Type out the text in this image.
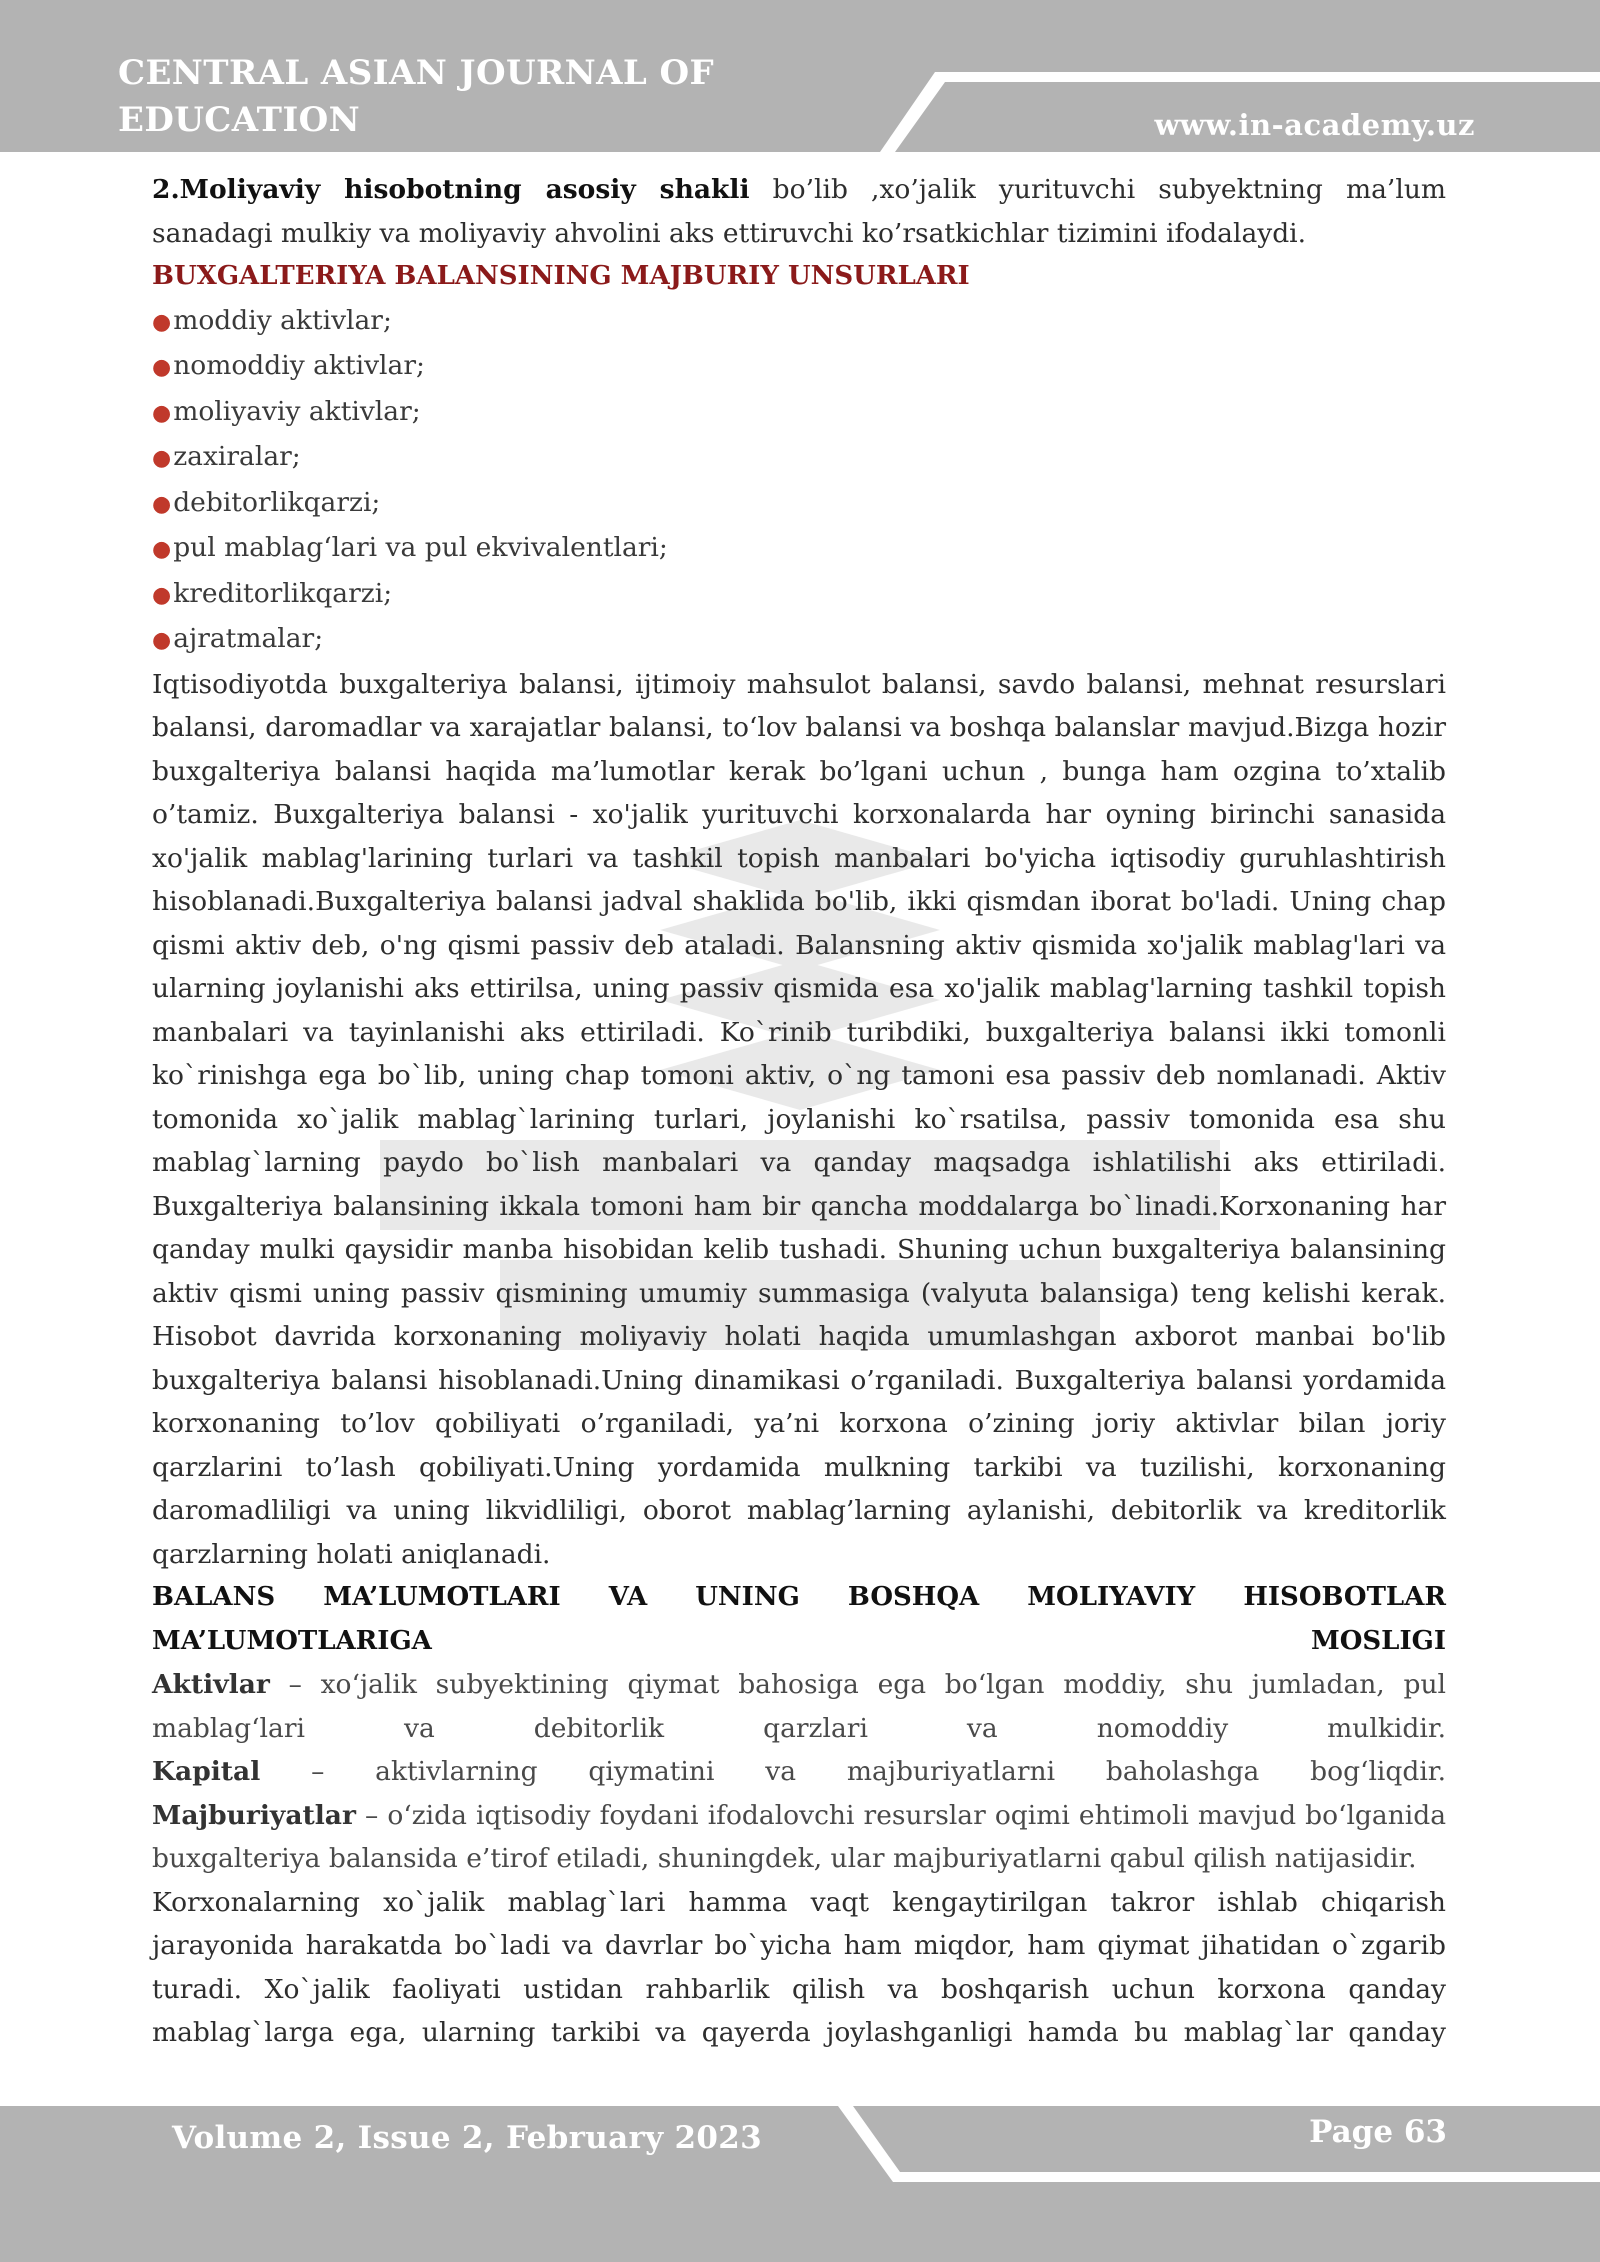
CENTRAL ASIAN JOURNAL OF EDUCATION
AND INNOVATION
www.in-academy.uz

2.Moliyaviy hisobotning asosiy shakli bo’lib ,xo’jalik yurituvchi subyektning ma’lum sanadagi mulkiy va moliyaviy ahvolini aks ettiruvchi ko’rsatkichlar tizimini ifodalaydi.

BUXGALTERIYA BALANSINING MAJBURIY UNSURLARI

●moddiy aktivlar;
●nomoddiy aktivlar;
●moliyaviy aktivlar;
●zaxiralar;
●debitorlikqarzi;
●pul mablag‘lari va pul ekvivalentlari;
●kreditorlikqarzi;
●ajratmalar;

Iqtisodiyotda buxgalteriya balansi, ijtimoiy mahsulot balansi, savdo balansi, mehnat resurslari balansi, daromadlar va xarajatlar balansi, to‘lov balansi va boshqa balanslar mavjud.Bizga hozir buxgalteriya balansi haqida ma’lumotlar kerak bo’lgani uchun , bunga ham ozgina to’xtalib o’tamiz. Buxgalteriya balansi - xo'jalik yurituvchi korxonalarda har oyning birinchi sanasida xo'jalik mablag'larining turlari va tashkil topish manbalari bo'yicha iqtisodiy guruhlashtirish hisoblanadi.Buxgalteriya balansi jadval shaklida bo'lib, ikki qismdan iborat bo'ladi. Uning chap qismi aktiv deb, o'ng qismi passiv deb ataladi. Balansning aktiv qismida xo'jalik mablag'lari va ularning joylanishi aks ettirilsa, uning passiv qismida esa xo'jalik mablag'larning tashkil topish manbalari va tayinlanishi aks ettiriladi. Ko`rinib turibdiki, buxgalteriya balansi ikki tomonli ko`rinishga ega bo`lib, uning chap tomoni aktiv, o`ng tamoni esa passiv deb nomlanadi. Aktiv tomonida xo`jalik mablag`larining turlari, joylanishi ko`rsatilsa, passiv tomonida esa shu mablag`larning paydo bo`lish manbalari va qanday maqsadga ishlatilishi aks ettiriladi. Buxgalteriya balansining ikkala tomoni ham bir qancha moddalarga bo`linadi.Korxonaning har qanday mulki qaysidir manba hisobidan kelib tushadi. Shuning uchun buxgalteriya balansining aktiv qismi uning passiv qismining umumiy summasiga (valyuta balansiga) teng kelishi kerak. Hisobot davrida korxonaning moliyaviy holati haqida umumlashgan axborot manbai bo'lib buxgalteriya balansi hisoblanadi.Uning dinamikasi o’rganiladi. Buxgalteriya balansi yordamida korxonaning to’lov qobiliyati o’rganiladi, ya’ni korxona o’zining joriy aktivlar bilan joriy qarzlarini to’lash qobiliyati.Uning yordamida mulkning tarkibi va tuzilishi, korxonaning daromadliligi va uning likvidliligi, oborot mablag’larning aylanishi, debitorlik va kreditorlik qarzlarning holati aniqlanadi.

BALANS MA’LUMOTLARI VA UNING BOSHQA MOLIYAVIY HISOBOTLAR

MA’LUMOTLARIGA MOSLIGI

Aktivlar – xo‘jalik subyektining qiymat bahosiga ega bo‘lgan moddiy, shu jumladan, pul mablag‘lari va debitorlik qarzlari va nomoddiy mulkidir.

Kapital – aktivlarning qiymatini va majburiyatlarni baholashga bog‘liqdir.

Majburiyatlar – o‘zida iqtisodiy foydani ifodalovchi resurslar oqimi ehtimoli mavjud bo‘lganida buxgalteriya balansida e’tirof etiladi, shuningdek, ular majburiyatlarni qabul qilish natijasidir.

Korxonalarning xo`jalik mablag`lari hamma vaqt kengaytirilgan takror ishlab chiqarish jarayonida harakatda bo`ladi va davrlar bo`yicha ham miqdor, ham qiymat jihatidan o`zgarib turadi. Xo`jalik faoliyati ustidan rahbarlik qilish va boshqarish uchun korxona qanday mablag`larga ega, ularning tarkibi va qayerda joylashganligi hamda bu mablag`lar qanday

Volume 2, Issue 2, February 2023	Page 63
